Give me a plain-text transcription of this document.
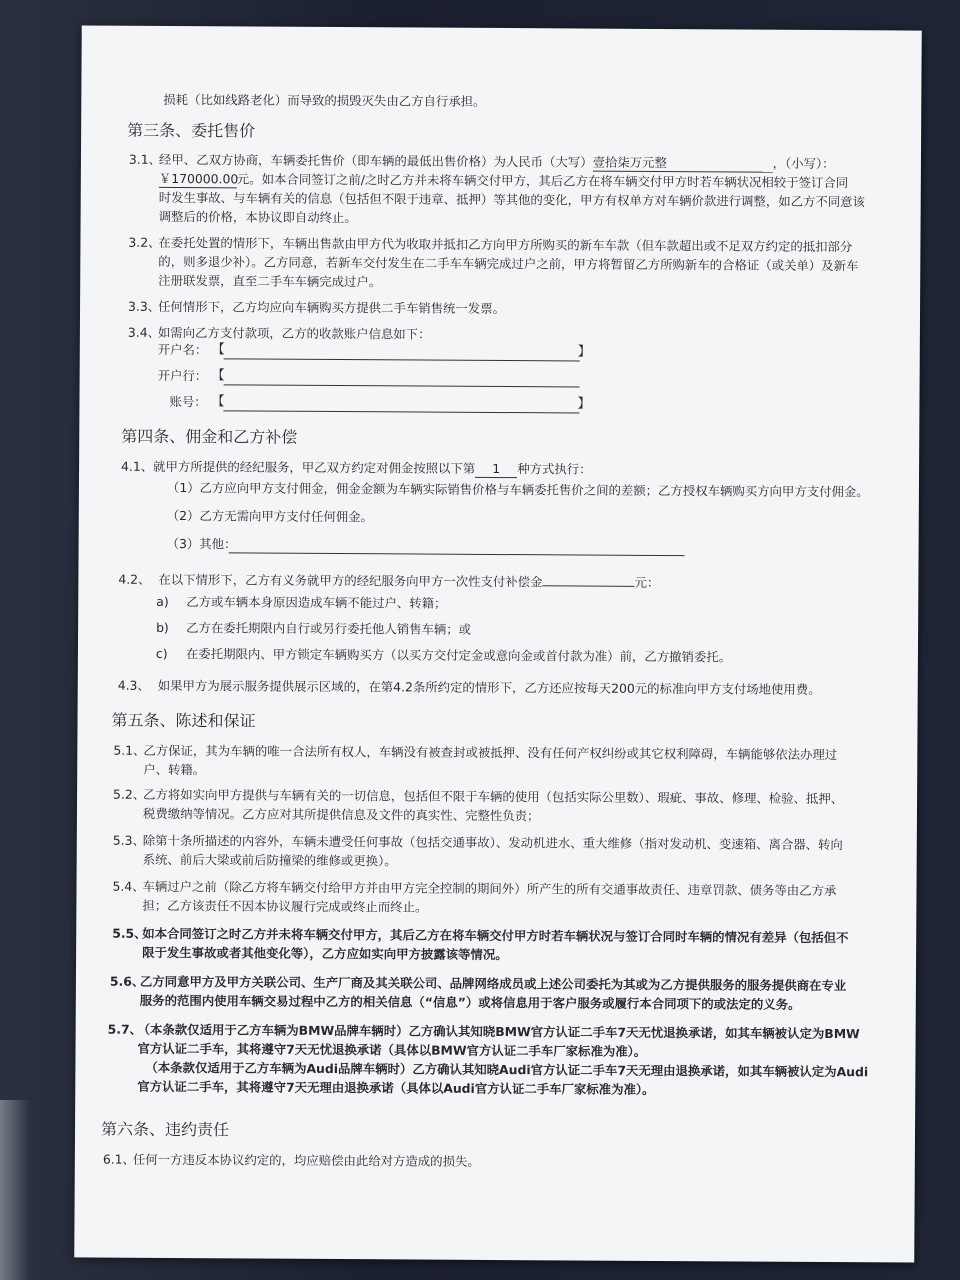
损耗（比如线路老化）而导致的损毁灭失由乙方自行承担。
第三条、委托售价
3.1、
经甲、乙双方协商，车辆委托售价（即车辆的最低出售价格）为人民币（大写）壹拾柒万元整	，（小写）：
￥170000.00元。如本合同签订之前/之时乙方并未将车辆交付甲方，其后乙方在将车辆交付甲方时若车辆状况相较于签订合同
时发生事故、与车辆有关的信息（包括但不限于违章、抵押）等其他的变化，甲方有权单方对车辆价款进行调整，如乙方不同意该
调整后的价格，本协议即自动终止。
3.2、
在委托处置的情形下，车辆出售款由甲方代为收取并抵扣乙方向甲方所购买的新车车款（但车款超出或不足双方约定的抵扣部分
的，则多退少补）。乙方同意，若新车交付发生在二手车车辆完成过户之前，甲方将暂留乙方所购新车的合格证（或关单）及新车
注册联发票，直至二手车车辆完成过户。
3.3、
任何情形下，乙方均应向车辆购买方提供二手车销售统一发票。
3.4、
如需向乙方支付款项，乙方的收款账户信息如下：
开户名： 【	】
开户行： 【
账号： 【	】
第四条、佣金和乙方补偿
4.1、 就甲方所提供的经纪服务，甲乙双方约定对佣金按照以下第 1 种方式执行：
（1）乙方应向甲方支付佣金，佣金金额为车辆实际销售价格与车辆委托售价之间的差额；乙方授权车辆购买方向甲方支付佣金。
（2）乙方无需向甲方支付任何佣金。
（3）其他：
4.2、 在以下情形下，乙方有义务就甲方的经纪服务向甲方一次性支付补偿金	元：
a) 乙方或车辆本身原因造成车辆不能过户、转籍；
b) 乙方在委托期限内自行或另行委托他人销售车辆；或
c) 在委托期限内、甲方锁定车辆购买方（以买方交付定金或意向金或首付款为准）前，乙方撤销委托。
4.3、 如果甲方为展示服务提供展示区域的，在第4.2条所约定的情形下，乙方还应按每天200元的标准向甲方支付场地使用费。
第五条、陈述和保证
5.1、
乙方保证，其为车辆的唯一合法所有权人，车辆没有被查封或被抵押、没有任何产权纠纷或其它权利障碍，车辆能够依法办理过
户、转籍。
5.2、
乙方将如实向甲方提供与车辆有关的一切信息，包括但不限于车辆的使用（包括实际公里数）、瑕疵、事故、修理、检验、抵押、
税费缴纳等情况。乙方应对其所提供信息及文件的真实性、完整性负责；
5.3、
除第十条所描述的内容外，车辆未遭受任何事故（包括交通事故）、发动机进水、重大维修（指对发动机、变速箱、离合器、转向
系统、前后大梁或前后防撞梁的维修或更换）。
5.4、
车辆过户之前（除乙方将车辆交付给甲方并由甲方完全控制的期间外）所产生的所有交通事故责任、违章罚款、债务等由乙方承
担；乙方该责任不因本协议履行完成或终止而终止。
5.5、
如本合同签订之时乙方并未将车辆交付甲方，其后乙方在将车辆交付甲方时若车辆状况与签订合同时车辆的情况有差异（包括但不
限于发生事故或者其他变化等），乙方应如实向甲方披露该等情况。
5.6、
乙方同意甲方及甲方关联公司、生产厂商及其关联公司、品牌网络成员或上述公司委托为其或为乙方提供服务的服务提供商在专业
服务的范围内使用车辆交易过程中乙方的相关信息（“信息”）或将信息用于客户服务或履行本合同项下的或法定的义务。
5.7、
（本条款仅适用于乙方车辆为BMW品牌车辆时）乙方确认其知晓BMW官方认证二手车7天无忧退换承诺，如其车辆被认定为BMW
官方认证二手车，其将遵守7天无忧退换承诺（具体以BMW官方认证二手车厂家标准为准）。
（本条款仅适用于乙方车辆为Audi品牌车辆时）乙方确认其知晓Audi官方认证二手车7天无理由退换承诺，如其车辆被认定为Audi
官方认证二手车，其将遵守7天无理由退换承诺（具体以Audi官方认证二手车厂家标准为准）。
第六条、违约责任
6.1、
任何一方违反本协议约定的，均应赔偿由此给对方造成的损失。
